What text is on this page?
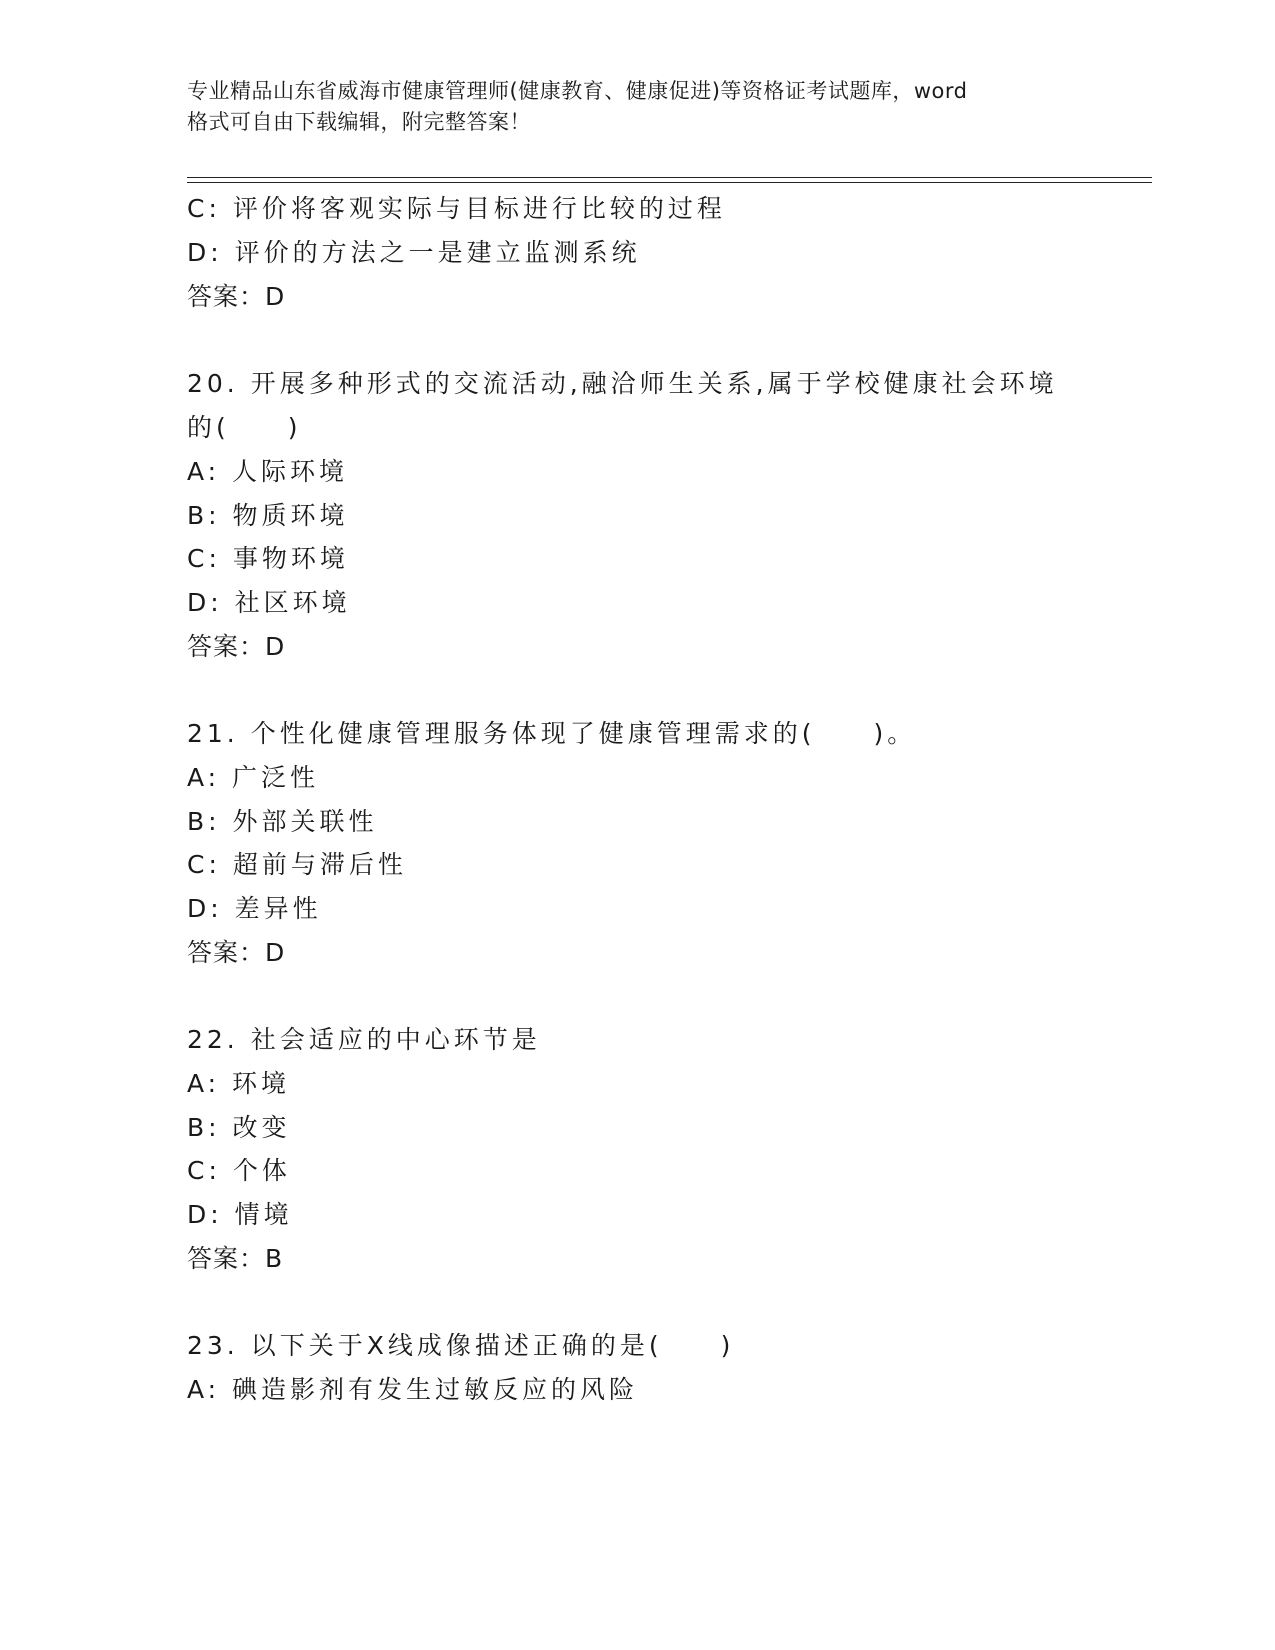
专业精品山东省威海市健康管理师(健康教育、健康促进)等资格证考试题库，word
格式可自由下载编辑，附完整答案！
C: 评价将客观实际与目标进行比较的过程
D: 评价的方法之一是建立监测系统
答案：D
20. 开展多种形式的交流活动,融洽师生关系,属于学校健康社会环境
的(　　)
A: 人际环境
B: 物质环境
C: 事物环境
D: 社区环境
答案：D
21. 个性化健康管理服务体现了健康管理需求的(　　)。
A: 广泛性
B: 外部关联性
C: 超前与滞后性
D: 差异性
答案：D
22. 社会适应的中心环节是
A: 环境
B: 改变
C: 个体
D: 情境
答案：B
23. 以下关于X线成像描述正确的是(　　)
A: 碘造影剂有发生过敏反应的风险
